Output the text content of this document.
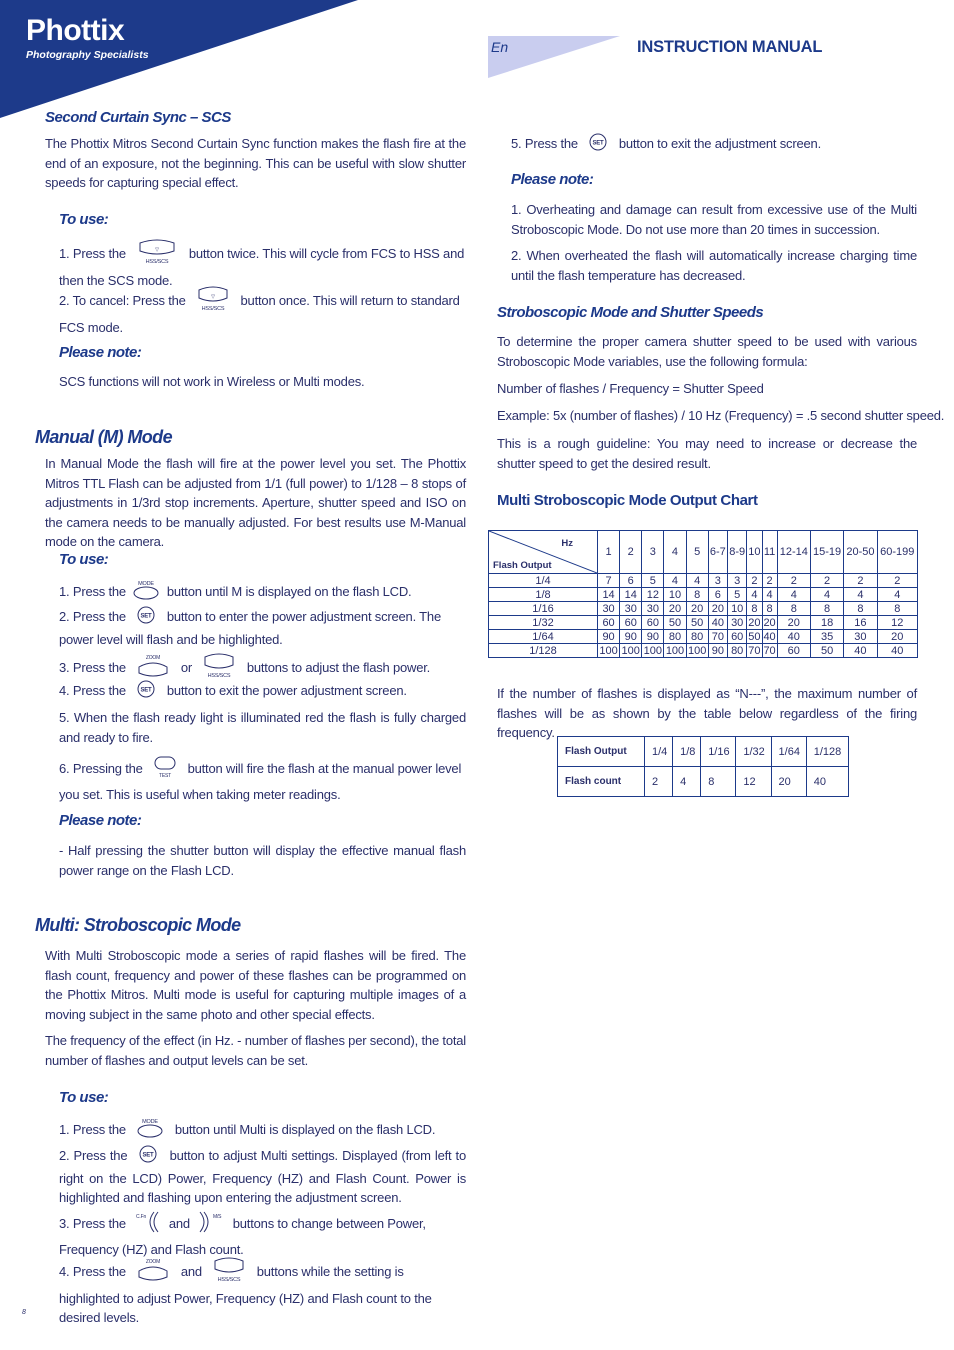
Phottix
Photography Specialists	En	INSTRUCTION MANUAL
Second Curtain Sync – SCS
The Phottix Mitros Second Curtain Sync function makes the flash fire at the end of an exposure, not the beginning. This can be useful with slow shutter speeds for capturing special effect.
To use:
1. Press the	▽
HSS/SCS
button twice. This will cycle from FCS to HSS and then the SCS mode.
2. To cancel: Press the	▽
HSS/SCS
button once. This will return to standard FCS mode.
Please note:
SCS functions will not work in Wireless or Multi modes.
Manual (M) Mode
In Manual Mode the flash will fire at the power level you set. The Phottix Mitros TTL Flash can be adjusted from 1/1 (full power) to 1/128 – 8 stops of adjustments in 1/3rd stop increments. Aperture, shutter speed and ISO on the camera needs to be manually adjusted. For best results use M-Manual mode on the camera.
To use:
1. Press the
MODE
button until M is displayed on the flash LCD.
2. Press the SET button to enter the power adjustment screen. The power level will flash and be highlighted.
3. Press the
ZOOM
or
HSS/SCS
buttons to adjust the flash power.
4. Press the SET button to exit the power adjustment screen.
5. When the flash ready light is illuminated red the flash is fully charged and ready to fire.
6. Pressing the	TEST button will fire the flash at the manual power level you set. This is useful when taking meter readings.
Please note:
- Half pressing the shutter button will display the effective manual flash power range on the Flash LCD.
Multi: Stroboscopic Mode
With Multi Stroboscopic mode a series of rapid flashes will be fired. The flash count, frequency and power of these flashes can be programmed on the Phottix Mitros. Multi mode is useful for capturing multiple images of a moving subject in the same photo and other special effects.
The frequency of the effect (in Hz. - number of flashes per second), the total number of flashes and output levels can be set.
To use:
1. Press the
MODE
button until Multi is displayed on the flash LCD.
2. Press the	SET button to adjust Multi settings. Displayed (from left to right on the LCD) Power, Frequency (HZ) and Flash Count. Power is highlighted and flashing upon entering the adjustment screen.
3. Press the C.Fn and	M/S buttons to change between Power, Frequency (HZ) and Flash count.
4. Press the
ZOOM
and
HSS/SCS
buttons while the setting is highlighted to adjust Power, Frequency (HZ) and Flash count to the desired levels.
5. Press the SET button to exit the adjustment screen.
Please note:
1. Overheating and damage can result from excessive use of the Multi Stroboscopic Mode. Do not use more than 20 times in succession.
2. When overheated the flash will automatically increase charging time until the flash temperature has decreased.
Stroboscopic Mode and Shutter Speeds
To determine the proper camera shutter speed to be used with various Stroboscopic Mode variables, use the following formula:
Number of flashes / Frequency = Shutter Speed
Example: 5x (number of flashes) / 10 Hz (Frequency) = .5 second shutter speed.
This is a rough guideline: You may need to increase or decrease the shutter speed to get the desired result.
Multi Stroboscopic Mode Output Chart
Hz
Flash Output	1	2	3	4	5	6-7	8-9	10	11	12-14	15-19	20-50	60-199
1/4	7	6	5	4	4	3	3	2	2	2	2	2	2
1/8	14	14	12	10	8	6	5	4	4	4	4	4	4
1/16	30	30	30	20	20	20	10	8	8	8	8	8	8
1/32	60	60	60	50	50	40	30	20	20	20	18	16	12
1/64	90	90	90	80	80	70	60	50	40	40	35	30	20
1/128	100	100	100	100	100	90	80	70	70	60	50	40	40
If the number of flashes is displayed as “N---”, the maximum number of flashes will be as shown by the table below regardless of the firing frequency.
Flash Output	1/4	1/8	1/16	1/32	1/64	1/128
Flash count	2	4	8	12	20	40
8
